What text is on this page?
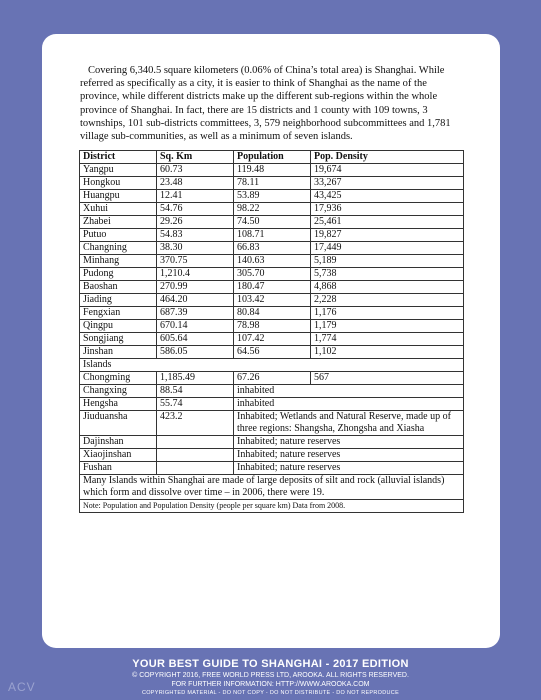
Covering 6,340.5 square kilometers (0.06% of China’s total area) is Shanghai. While referred as specifically as a city, it is easier to think of Shanghai as the name of the province, while different districts make up the different sub-regions within the whole province of Shanghai. In fact, there are 15 districts and 1 county with 109 towns, 3 townships, 101 sub-districts committees, 3, 579 neighborhood subcommittees and 1,781 village sub-communities, as well as a minimum of seven islands.

District	Sq. Km	Population	Pop. Density
Yangpu	60.73	119.48	19,674
Hongkou	23.48	78.11	33,267
Huangpu	12.41	53.89	43,425
Xuhui	54.76	98.22	17,936
Zhabei	29.26	74.50	25,461
Putuo	54.83	108.71	19,827
Changning	38.30	66.83	17,449
Minhang	370.75	140.63	5,189
Pudong	1,210.4	305.70	5,738
Baoshan	270.99	180.47	4,868
Jiading	464.20	103.42	2,228
Fengxian	687.39	80.84	1,176
Qingpu	670.14	78.98	1,179
Songjiang	605.64	107.42	1,774
Jinshan	586.05	64.56	1,102
Islands			
Chongming	1,185.49	67.26	567
Changxing	88.54	inhabited	
Hengsha	55.74	inhabited	
Jiuduansha	423.2	Inhabited; Wetlands and Natural Reserve, made up of three regions: Shangsha, Zhongsha and Xiasha	
Dajinshan		Inhabited; nature reserves	
Xiaojinshan		Inhabited; nature reserves	
Fushan		Inhabited; nature reserves	
Many Islands within Shanghai are made of large deposits of silt and rock (alluvial islands) which form and dissolve over time – in 2006, there were 19.			
Note: Population and Population Density (people per square km) Data from 2008.			
YOUR BEST GUIDE TO SHANGHAI - 2017 EDITION
© COPYRIGHT 2016, FREE WORLD PRESS LTD, AROOKA. ALL RIGHTS RESERVED.
FOR FURTHER INFORMATION: HTTP://WWW.AROOKA.COM
COPYRIGHTED MATERIAL - DO NOT COPY - DO NOT DISTRIBUTE - DO NOT REPRODUCE
ACV
